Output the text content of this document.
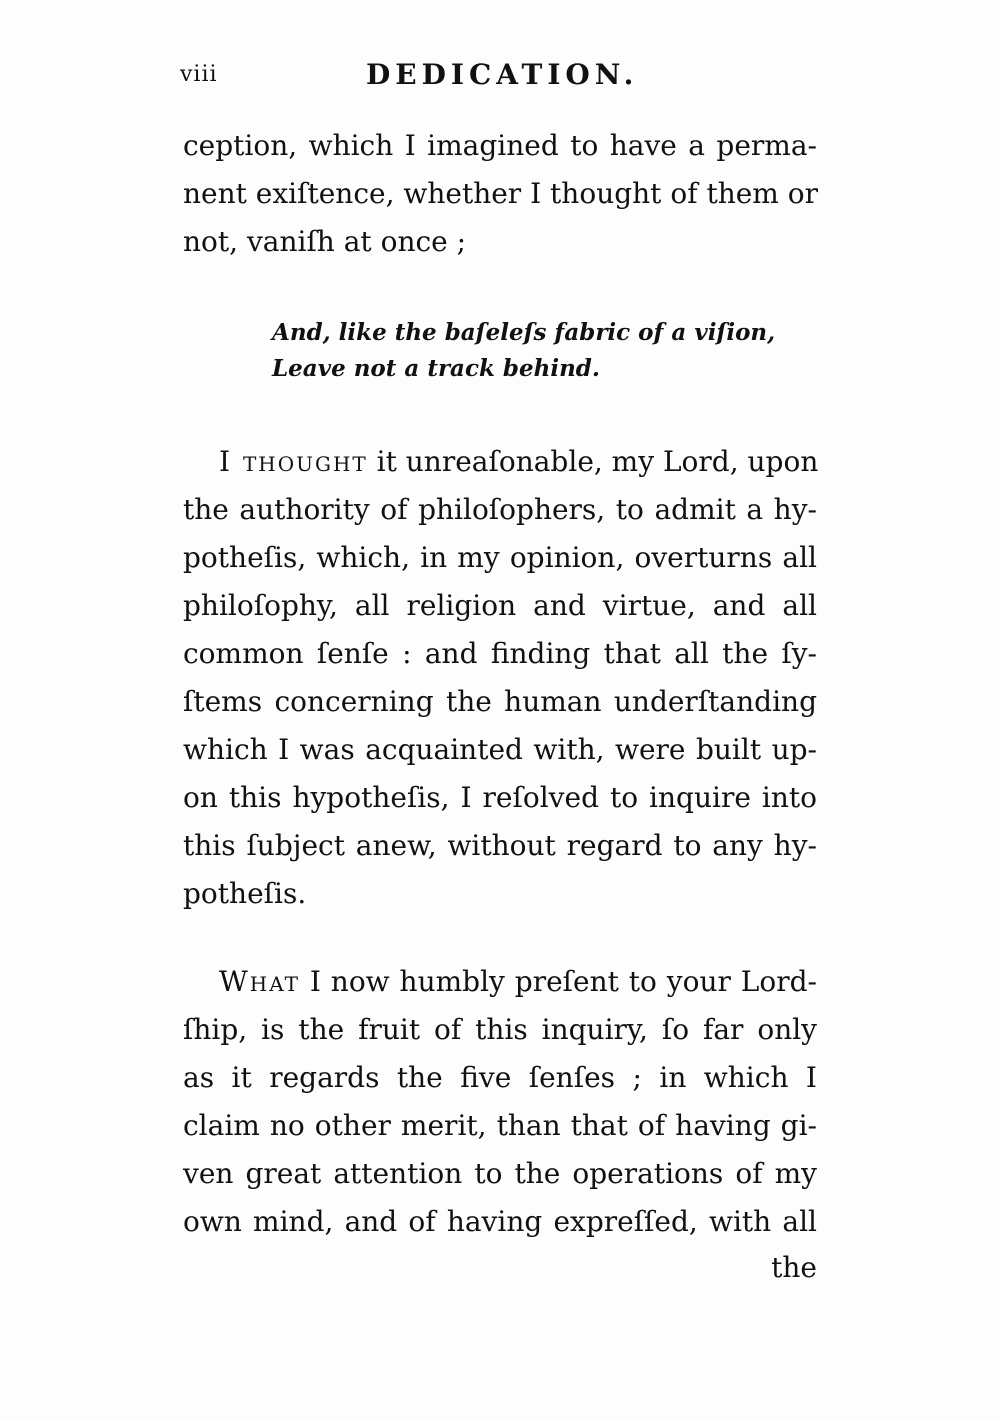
viii	DEDICATION.
ception, which I imagined to have a perma-
nent exiſtence, whether I thought of them or
not, vaniſh at once ;
And, like the baſeleſs fabric of a viſion,
Leave not a track behind.
I thought it unreaſonable, my Lord, upon
the authority of philoſophers, to admit a hy-
potheſis, which, in my opinion, overturns all
philoſophy, all religion and virtue, and all
common ſenſe : and finding that all the ſy-
ſtems concerning the human underſtanding
which I was acquainted with, were built up-
on this hypotheſis, I reſolved to inquire into
this ſubject anew, without regard to any hy-
potheſis.
What I now humbly preſent to your Lord-
ſhip, is the fruit of this inquiry, ſo far only
as it regards the five ſenſes ; in which I
claim no other merit, than that of having gi-
ven great attention to the operations of my
own mind, and of having expreſſed, with all
the
